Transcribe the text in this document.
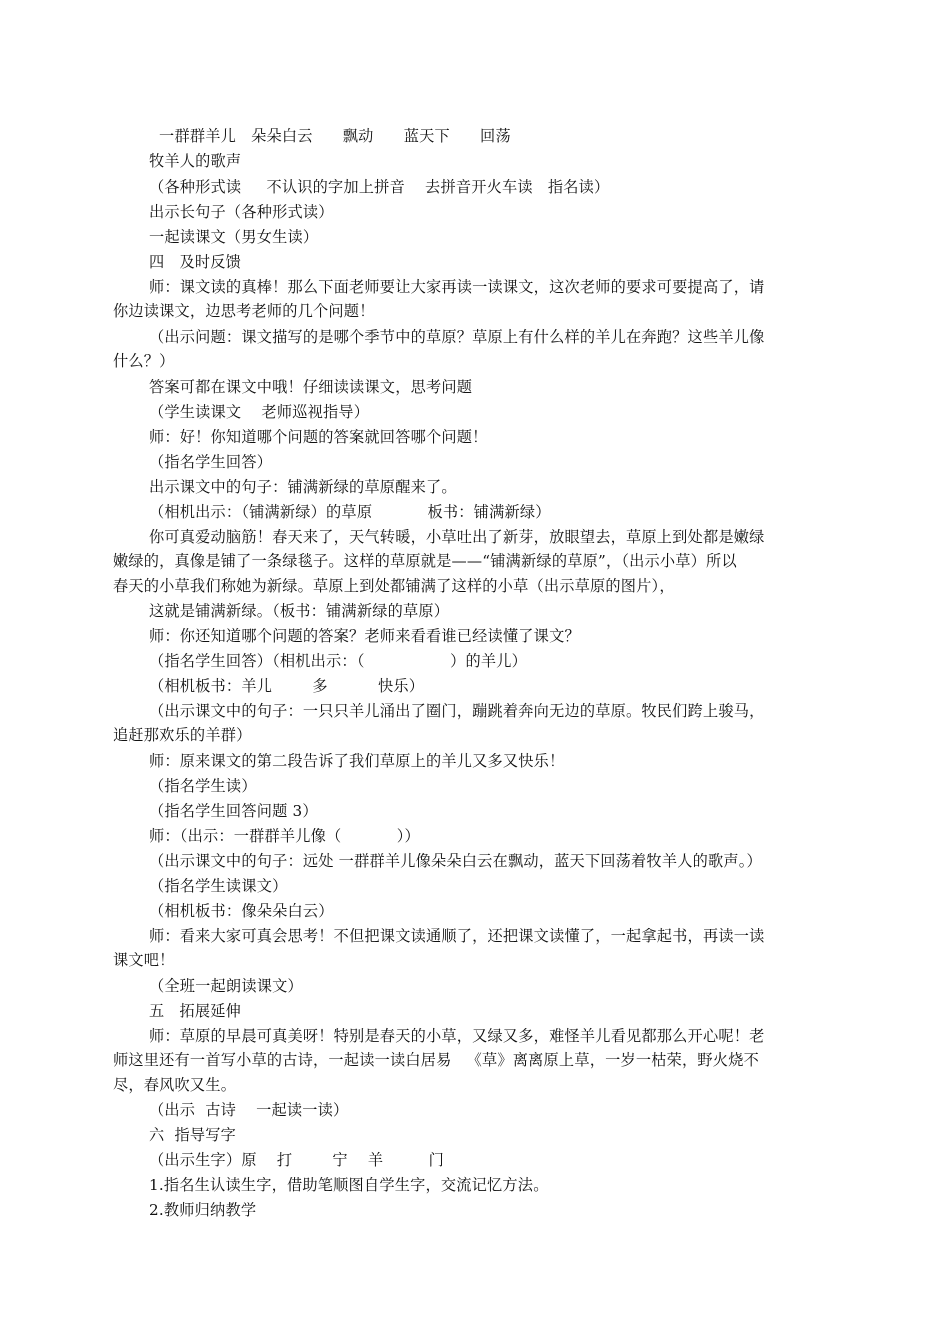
一群群羊儿   朵朵白云      飘动      蓝天下      回荡
牧羊人的歌声
（各种形式读     不认识的字加上拼音    去拼音开火车读   指名读）
出示长句子（各种形式读）
一起读课文（男女生读）
四   及时反馈
师：课文读的真棒！那么下面老师要让大家再读一读课文，这次老师的要求可要提高了，请
你边读课文，边思考老师的几个问题！
（出示问题：课文描写的是哪个季节中的草原？草原上有什么样的羊儿在奔跑？这些羊儿像
什么？）
答案可都在课文中哦！仔细读读课文，思考问题
（学生读课文    老师巡视指导）
师：好！你知道哪个问题的答案就回答哪个问题！
（指名学生回答）
出示课文中的句子：铺满新绿的草原醒来了。
（相机出示：（铺满新绿）的草原           板书：铺满新绿）
你可真爱动脑筋！春天来了，天气转暖，小草吐出了新芽，放眼望去，草原上到处都是嫩绿
嫩绿的，真像是铺了一条绿毯子。这样的草原就是——“铺满新绿的草原”，（出示小草）所以
春天的小草我们称她为新绿。草原上到处都铺满了这样的小草（出示草原的图片），
这就是铺满新绿。（板书：铺满新绿的草原）
师：你还知道哪个问题的答案？老师来看看谁已经读懂了课文？
（指名学生回答）（相机出示：（                 ）的羊儿）
（相机板书：羊儿        多          快乐）
（出示课文中的句子：一只只羊儿涌出了圈门，蹦跳着奔向无边的草原。牧民们跨上骏马，
追赶那欢乐的羊群）
师：原来课文的第二段告诉了我们草原上的羊儿又多又快乐！
（指名学生读）
（指名学生回答问题 3）
师：（出示：一群群羊儿像（           ））
（出示课文中的句子：远处 一群群羊儿像朵朵白云在飘动，蓝天下回荡着牧羊人的歌声。）
（指名学生读课文）
（相机板书：像朵朵白云）
师：看来大家可真会思考！不但把课文读通顺了，还把课文读懂了，一起拿起书，再读一读
课文吧！
（全班一起朗读课文）
五   拓展延伸
师：草原的早晨可真美呀！特别是春天的小草，又绿又多，难怪羊儿看见都那么开心呢！老
师这里还有一首写小草的古诗，一起读一读白居易   《草》离离原上草，一岁一枯荣，野火烧不
尽，春风吹又生。
（出示  古诗    一起读一读）
六  指导写字
（出示生字）原    打        宁    羊         门
1.指名生认读生字，借助笔顺图自学生字，交流记忆方法。
2.教师归纳教学
